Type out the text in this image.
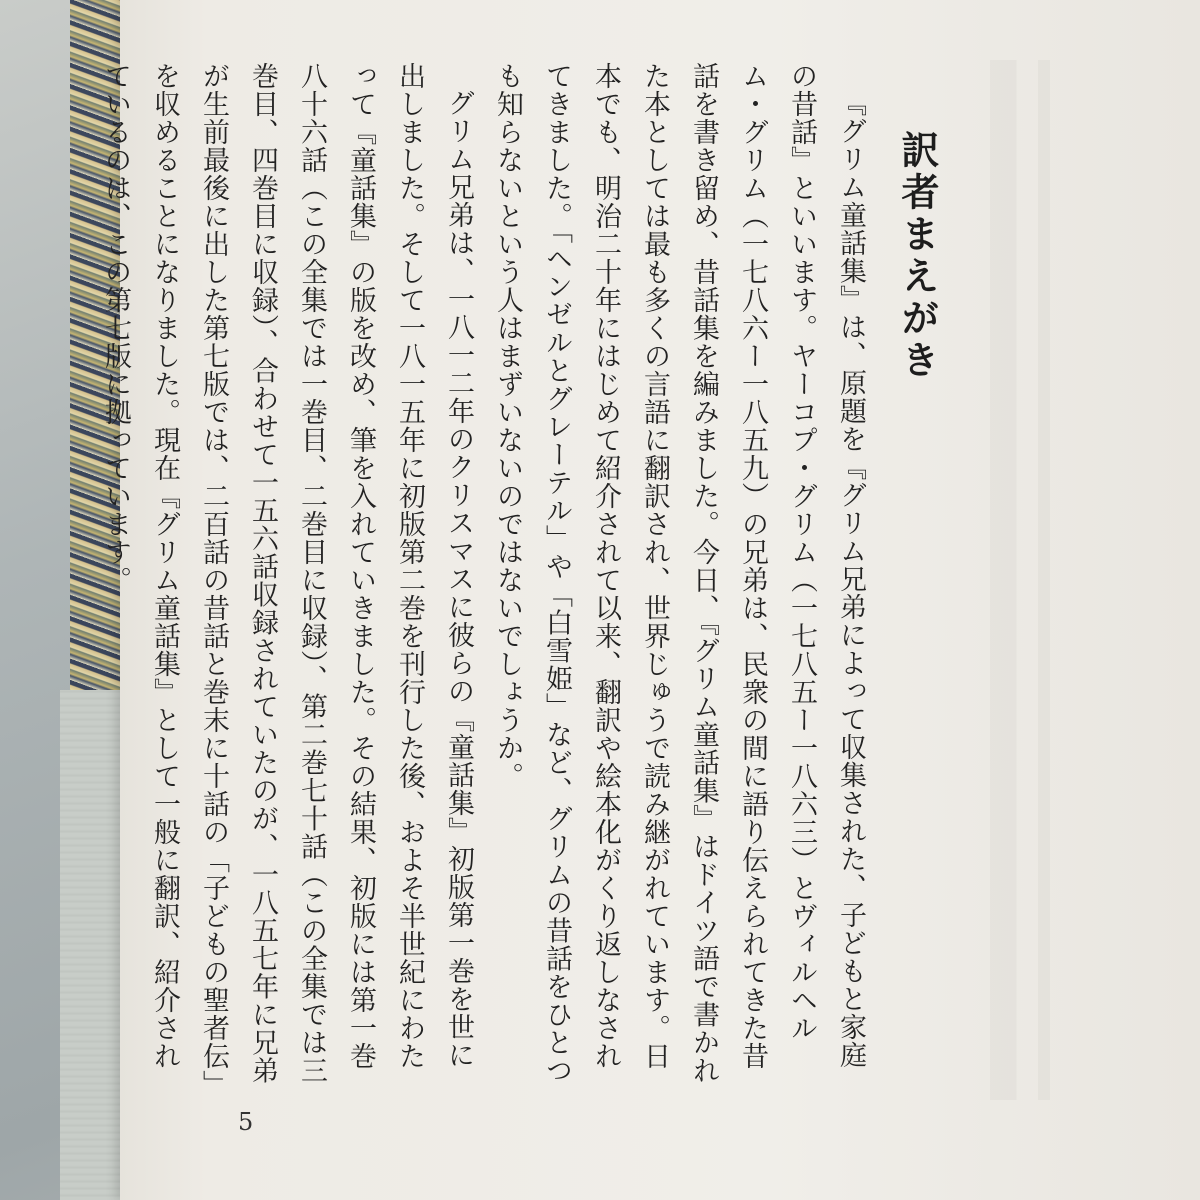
訳者まえがき

『グリム童話集』は、原題を『グリム兄弟によって収集された、子どもと家庭の昔話』といいます。ヤーコプ・グリム（一七八五ー一八六三）とヴィルヘルム・グリム（一七八六ー一八五九）の兄弟は、民衆の間に語り伝えられてきた昔話を書き留め、昔話集を編みました。今日、『グリム童話集』はドイツ語で書かれた本としては最も多くの言語に翻訳され、世界じゅうで読み継がれています。日本でも、明治二十年にはじめて紹介されて以来、翻訳や絵本化がくり返しなされてきました。「ヘンゼルとグレーテル」や「白雪姫」など、グリムの昔話をひとつも知らないという人はまずいないのではないでしょうか。

グリム兄弟は、一八一二年のクリスマスに彼らの『童話集』初版第一巻を世に出しました。そして一八一五年に初版第二巻を刊行した後、およそ半世紀にわたって『童話集』の版を改め、筆を入れていきました。その結果、初版には第一巻八十六話（この全集では一巻目、二巻目に収録）、第二巻七十話（この全集では三巻目、四巻目に収録）、合わせて一五六話収録されていたのが、一八五七年に兄弟が生前最後に出した第七版では、二百話の昔話と巻末に十話の「子どもの聖者伝」を収めることになりました。現在『グリム童話集』として一般に翻訳、紹介されているのは、この第七版に拠っています。

5
